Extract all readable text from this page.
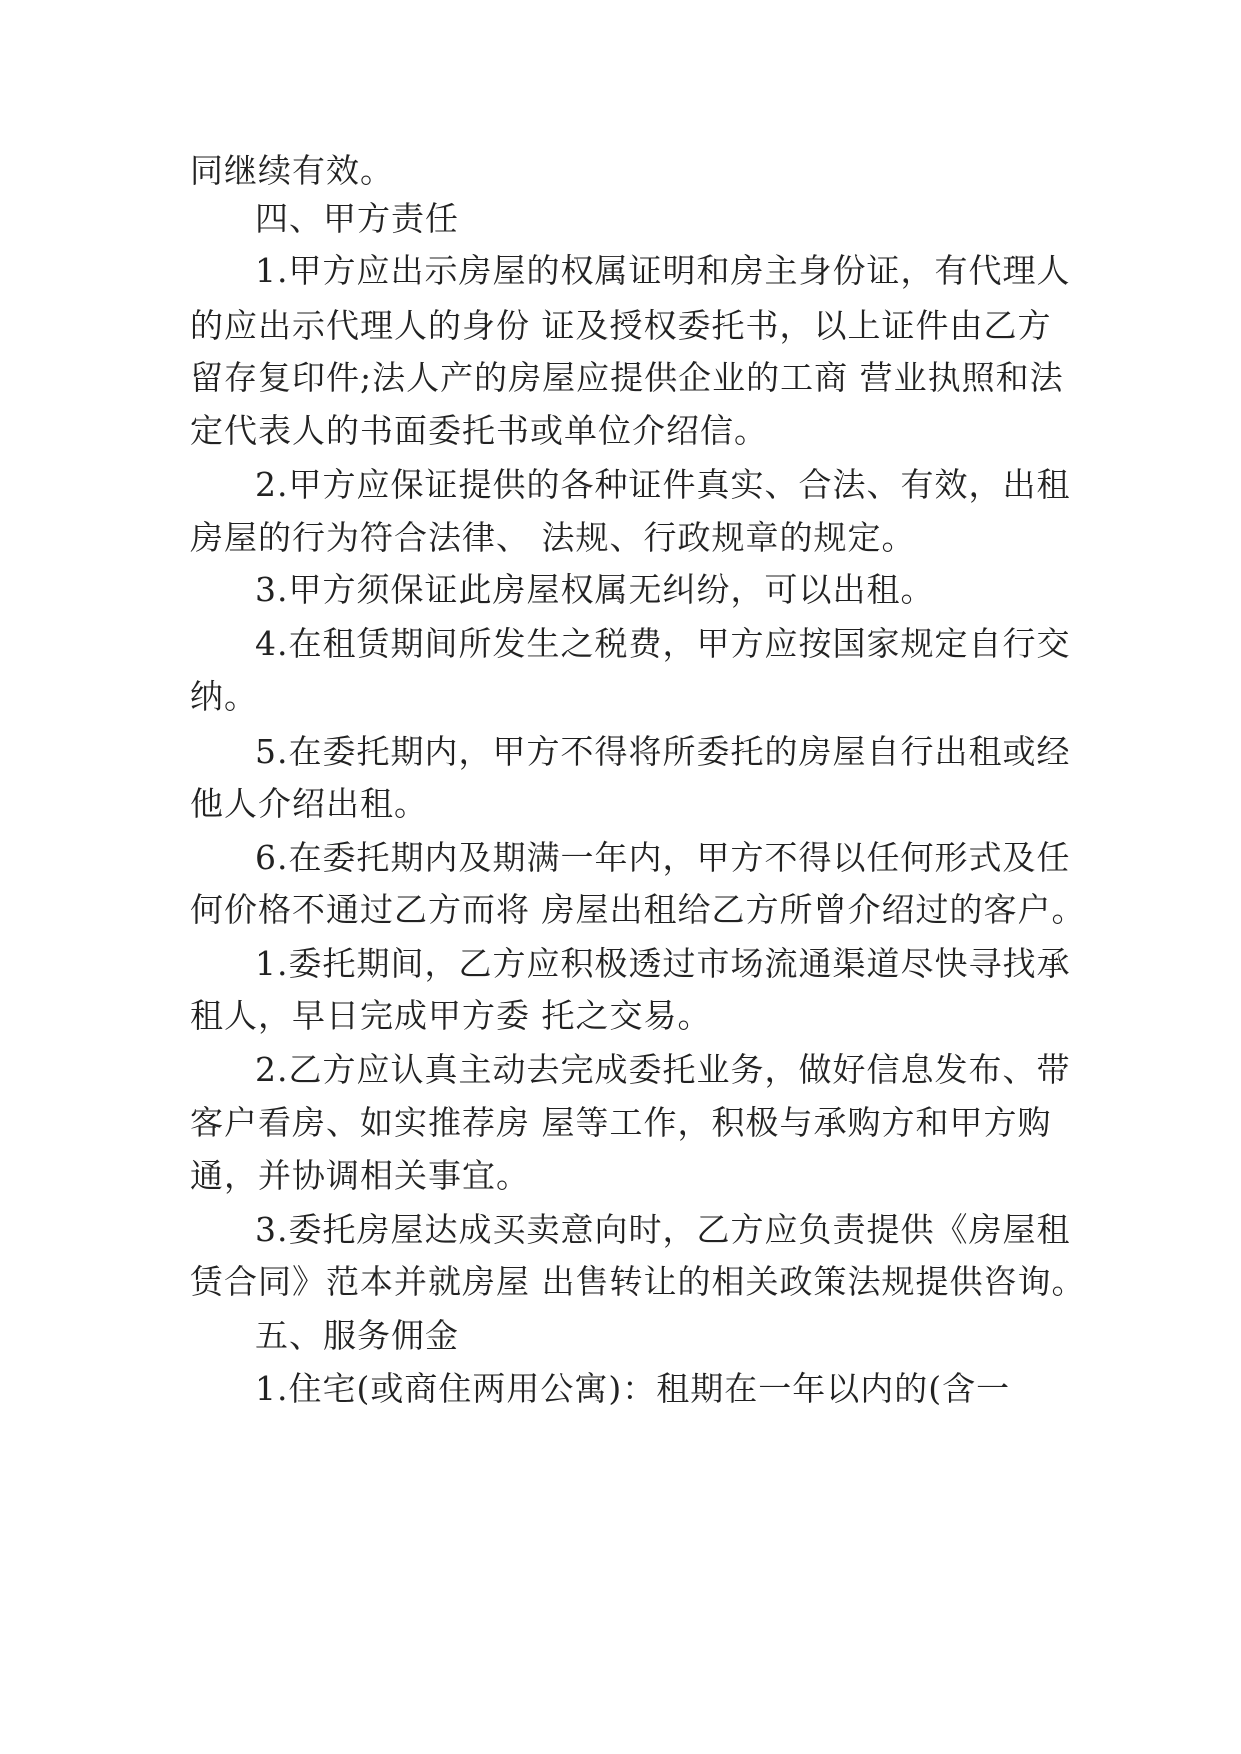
同继续有效。
四、甲方责任
1.甲方应出示房屋的权属证明和房主身份证，有代理人
的应出示代理人的身份 证及授权委托书，以上证件由乙方
留存复印件;法人产的房屋应提供企业的工商 营业执照和法
定代表人的书面委托书或单位介绍信。
2.甲方应保证提供的各种证件真实、合法、有效，出租
房屋的行为符合法律、 法规、行政规章的规定。
3.甲方须保证此房屋权属无纠纷，可以出租。
4.在租赁期间所发生之税费，甲方应按国家规定自行交
纳。
5.在委托期内，甲方不得将所委托的房屋自行出租或经
他人介绍出租。
6.在委托期内及期满一年内，甲方不得以任何形式及任
何价格不通过乙方而将 房屋出租给乙方所曾介绍过的客户。
1.委托期间，乙方应积极透过市场流通渠道尽快寻找承
租人，早日完成甲方委 托之交易。
2.乙方应认真主动去完成委托业务，做好信息发布、带
客户看房、如实推荐房 屋等工作，积极与承购方和甲方购
通，并协调相关事宜。
3.委托房屋达成买卖意向时，乙方应负责提供《房屋租
赁合同》范本并就房屋 出售转让的相关政策法规提供咨询。
五、服务佣金
1.住宅(或商住两用公寓)：租期在一年以内的(含一
